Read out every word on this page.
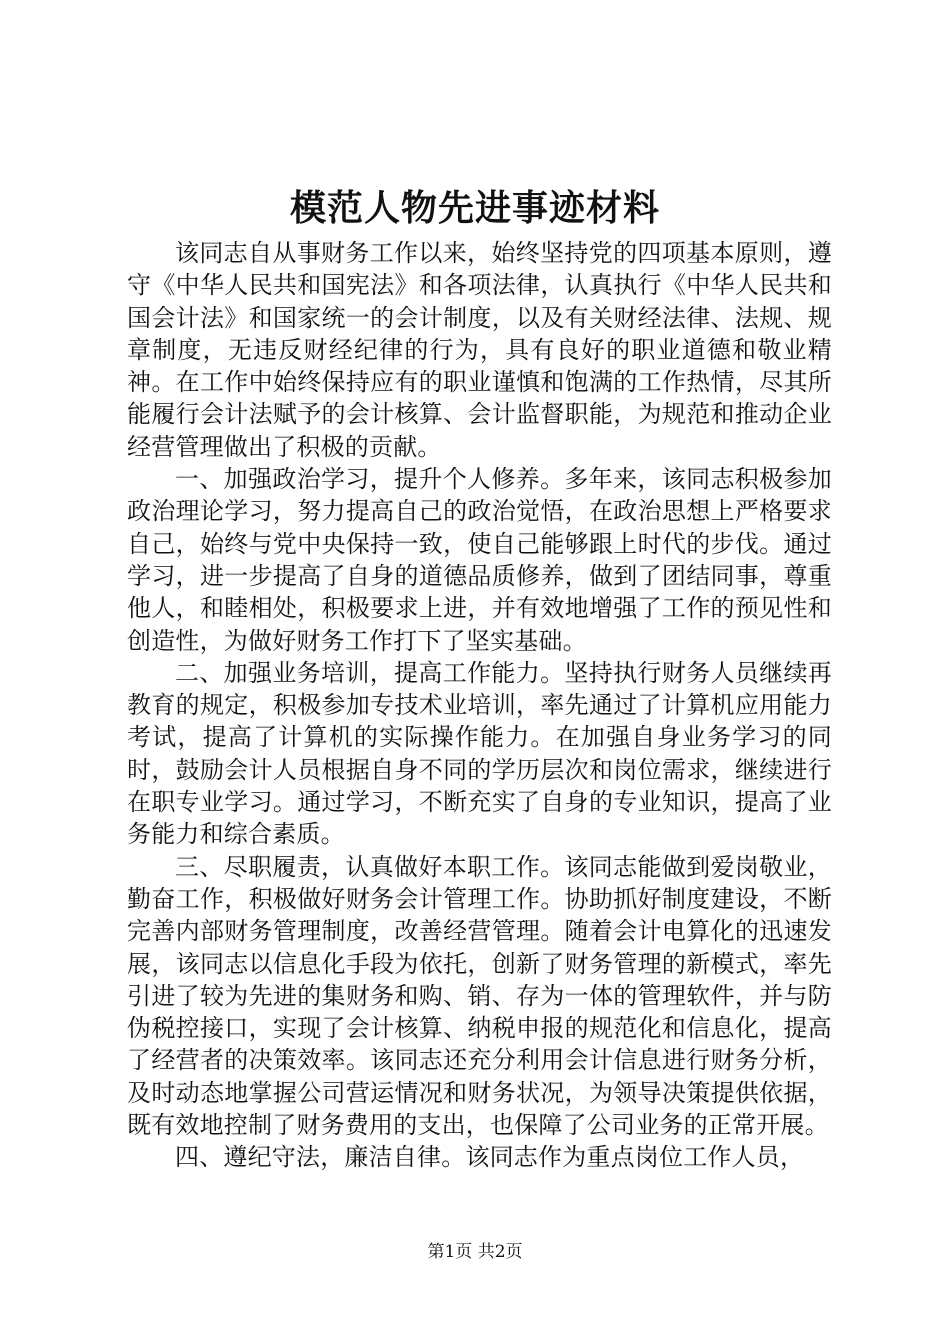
模范人物先进事迹材料

该同志自从事财务工作以来，始终坚持党的四项基本原则，遵守《中华人民共和国宪法》和各项法律，认真执行《中华人民共和国会计法》和国家统一的会计制度，以及有关财经法律、法规、规章制度，无违反财经纪律的行为，具有良好的职业道德和敬业精神。在工作中始终保持应有的职业谨慎和饱满的工作热情，尽其所能履行会计法赋予的会计核算、会计监督职能，为规范和推动企业经营管理做出了积极的贡献。

一、加强政治学习，提升个人修养。多年来，该同志积极参加政治理论学习，努力提高自己的政治觉悟，在政治思想上严格要求自己，始终与党中央保持一致，使自己能够跟上时代的步伐。通过学习，进一步提高了自身的道德品质修养，做到了团结同事，尊重他人，和睦相处，积极要求上进，并有效地增强了工作的预见性和创造性，为做好财务工作打下了坚实基础。

二、加强业务培训，提高工作能力。坚持执行财务人员继续再教育的规定，积极参加专技术业培训，率先通过了计算机应用能力考试，提高了计算机的实际操作能力。在加强自身业务学习的同时，鼓励会计人员根据自身不同的学历层次和岗位需求，继续进行在职专业学习。通过学习，不断充实了自身的专业知识，提高了业务能力和综合素质。

三、尽职履责，认真做好本职工作。该同志能做到爱岗敬业，勤奋工作，积极做好财务会计管理工作。协助抓好制度建设，不断完善内部财务管理制度，改善经营管理。随着会计电算化的迅速发展，该同志以信息化手段为依托，创新了财务管理的新模式，率先引进了较为先进的集财务和购、销、存为一体的管理软件，并与防伪税控接口，实现了会计核算、纳税申报的规范化和信息化，提高了经营者的决策效率。该同志还充分利用会计信息进行财务分析，及时动态地掌握公司营运情况和财务状况，为领导决策提供依据，既有效地控制了财务费用的支出，也保障了公司业务的正常开展。

四、遵纪守法，廉洁自律。该同志作为重点岗位工作人员，

第1页 共2页
